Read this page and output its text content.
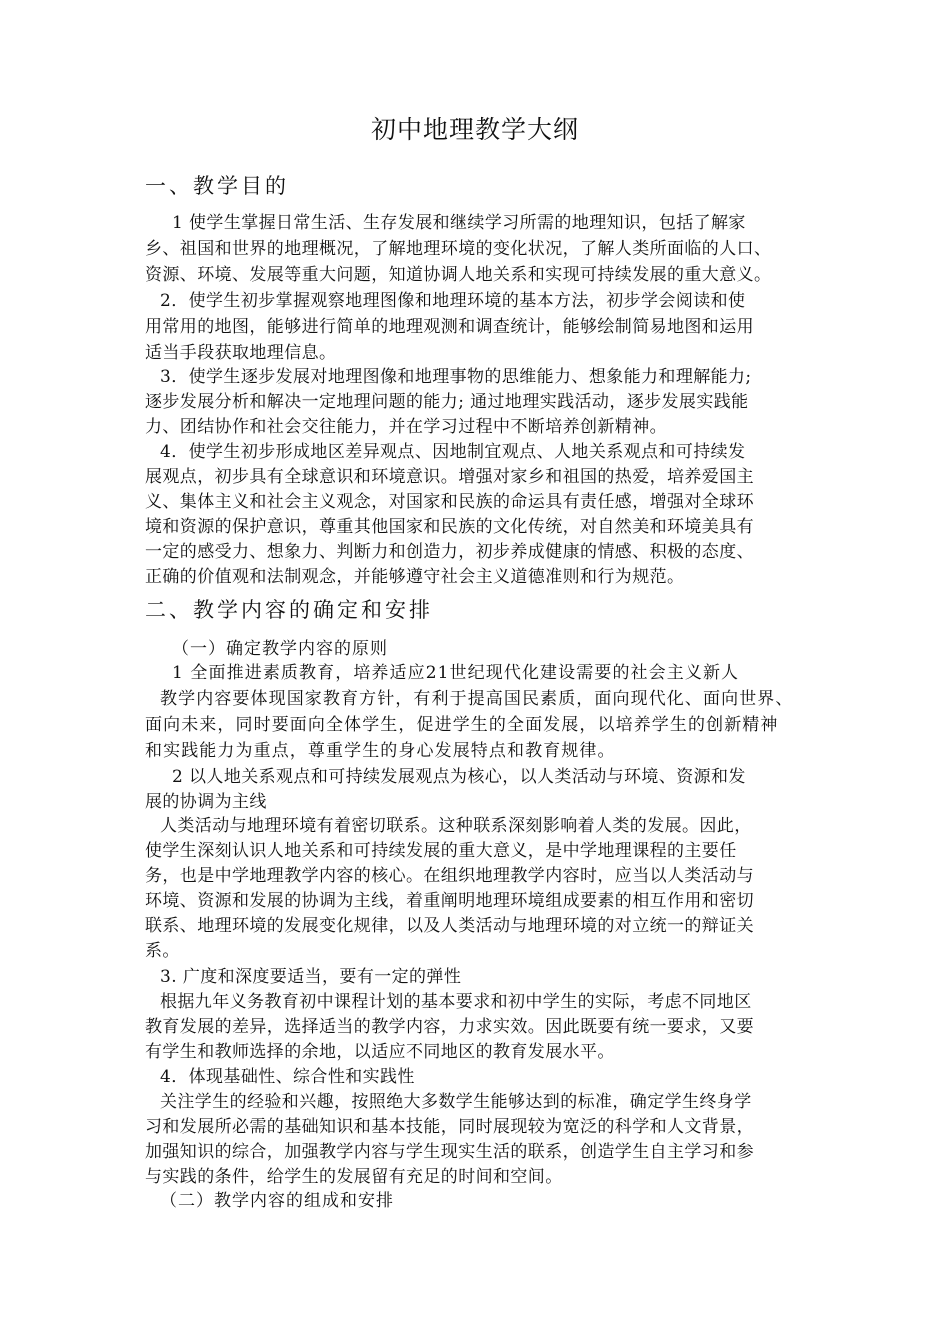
初中地理教学大纲
一、教学目的
1 使学生掌握日常生活、生存发展和继续学习所需的地理知识，包括了解家
乡、祖国和世界的地理概况，了解地理环境的变化状况，了解人类所面临的人口、
资源、环境、发展等重大问题，知道协调人地关系和实现可持续发展的重大意义。
2．使学生初步掌握观察地理图像和地理环境的基本方法，初步学会阅读和使
用常用的地图，能够进行简单的地理观测和调查统计，能够绘制简易地图和运用
适当手段获取地理信息。
3．使学生逐步发展对地理图像和地理事物的思维能力、想象能力和理解能力;
逐步发展分析和解决一定地理问题的能力; 通过地理实践活动，逐步发展实践能
力、团结协作和社会交往能力，并在学习过程中不断培养创新精神。
4．使学生初步形成地区差异观点、因地制宜观点、人地关系观点和可持续发
展观点，初步具有全球意识和环境意识。增强对家乡和祖国的热爱，培养爱国主
义、集体主义和社会主义观念，对国家和民族的命运具有责任感，增强对全球环
境和资源的保护意识，尊重其他国家和民族的文化传统，对自然美和环境美具有
一定的感受力、想象力、判断力和创造力，初步养成健康的情感、积极的态度、
正确的价值观和法制观念，并能够遵守社会主义道德准则和行为规范。
二、教学内容的确定和安排
（一）确定教学内容的原则
1 全面推进素质教育，培养适应21世纪现代化建设需要的社会主义新人
教学内容要体现国家教育方针，有利于提高国民素质，面向现代化、面向世界、
面向未来，同时要面向全体学生，促进学生的全面发展，以培养学生的创新精神
和实践能力为重点，尊重学生的身心发展特点和教育规律。
2 以人地关系观点和可持续发展观点为核心，以人类活动与环境、资源和发
展的协调为主线
人类活动与地理环境有着密切联系。这种联系深刻影响着人类的发展。因此，
使学生深刻认识人地关系和可持续发展的重大意义，是中学地理课程的主要任
务，也是中学地理教学内容的核心。在组织地理教学内容时，应当以人类活动与
环境、资源和发展的协调为主线，着重阐明地理环境组成要素的相互作用和密切
联系、地理环境的发展变化规律，以及人类活动与地理环境的对立统一的辩证关
系。
3. 广度和深度要适当，要有一定的弹性
根据九年义务教育初中课程计划的基本要求和初中学生的实际，考虑不同地区
教育发展的差异，选择适当的教学内容，力求实效。因此既要有统一要求，又要
有学生和教师选择的余地，以适应不同地区的教育发展水平。
4．体现基础性、综合性和实践性
关注学生的经验和兴趣，按照绝大多数学生能够达到的标准，确定学生终身学
习和发展所必需的基础知识和基本技能，同时展现较为宽泛的科学和人文背景，
加强知识的综合，加强教学内容与学生现实生活的联系，创造学生自主学习和参
与实践的条件，给学生的发展留有充足的时间和空间。
（二）教学内容的组成和安排
